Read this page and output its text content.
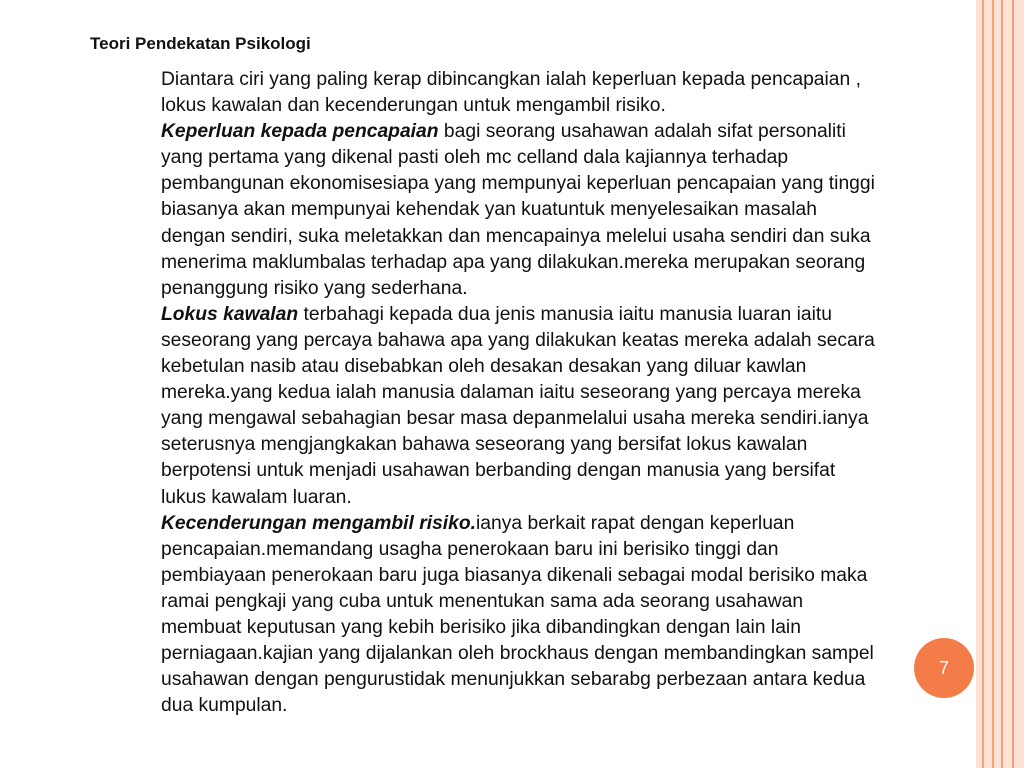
Teori Pendekatan Psikologi
Diantara ciri yang paling kerap dibincangkan ialah keperluan kepada pencapaian ,
lokus kawalan dan kecenderungan untuk mengambil risiko.
Keperluan kepada pencapaian bagi seorang usahawan adalah sifat personaliti
yang pertama yang dikenal pasti oleh mc celland dala kajiannya terhadap
pembangunan ekonomisesiapa yang mempunyai keperluan pencapaian yang tinggi
biasanya akan mempunyai kehendak yan kuatuntuk menyelesaikan masalah
dengan sendiri, suka meletakkan dan mencapainya melelui usaha sendiri dan suka
menerima maklumbalas terhadap apa yang dilakukan.mereka merupakan seorang
penanggung risiko yang sederhana.
Lokus kawalan terbahagi kepada dua jenis manusia iaitu manusia luaran iaitu
seseorang yang percaya bahawa apa yang dilakukan keatas mereka adalah secara
kebetulan nasib atau disebabkan oleh desakan desakan yang diluar kawlan
mereka.yang kedua ialah manusia dalaman iaitu seseorang yang percaya mereka
yang mengawal sebahagian besar masa depanmelalui usaha mereka sendiri.ianya
seterusnya mengjangkakan bahawa seseorang yang bersifat lokus kawalan
berpotensi untuk menjadi usahawan berbanding dengan manusia yang bersifat
lukus kawalam luaran.
Kecenderungan mengambil risiko.ianya berkait rapat dengan keperluan
pencapaian.memandang usagha penerokaan baru ini berisiko tinggi dan
pembiayaan penerokaan baru juga biasanya dikenali sebagai modal berisiko maka
ramai pengkaji yang cuba untuk menentukan sama ada seorang usahawan
membuat keputusan yang kebih berisiko jika dibandingkan dengan lain lain
perniagaan.kajian yang dijalankan oleh brockhaus dengan membandingkan sampel
usahawan dengan pengurustidak menunjukkan sebarabg perbezaan antara kedua
dua kumpulan.
7
